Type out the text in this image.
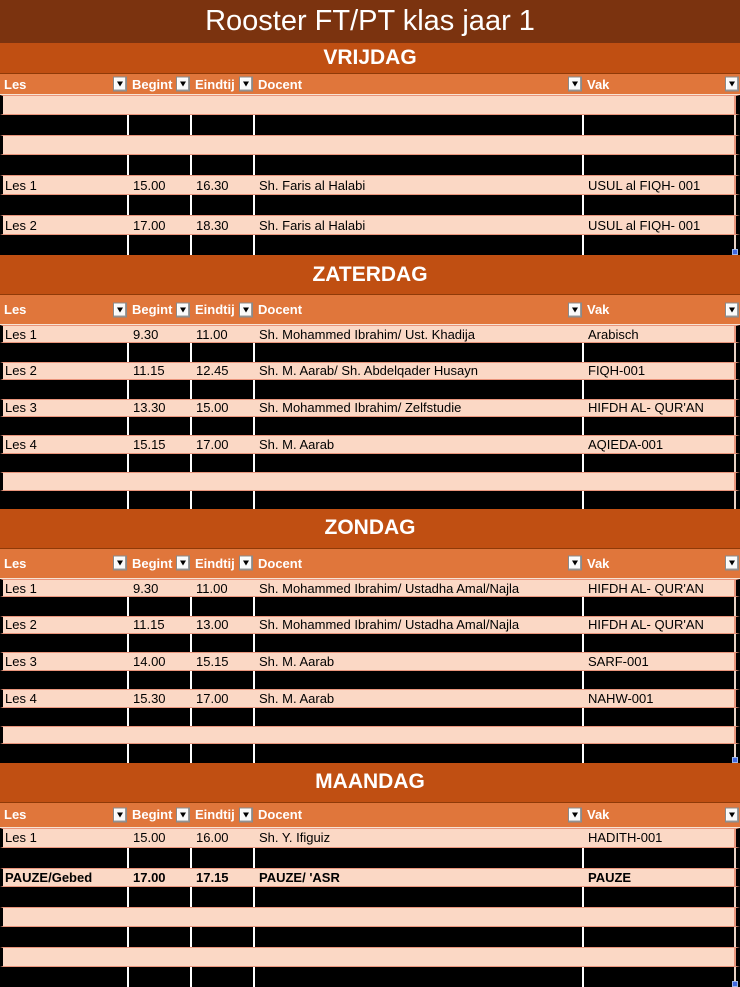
Rooster FT/PT klas jaar 1
VRIJDAG
Les	Begint Eindtij Docent	Vak
Les 1	15.00	16.30	Sh. Faris al Halabi	USUL al FIQH- 001
Les 2	17.00	18.30	Sh. Faris al Halabi	USUL al FIQH- 001
ZATERDAG
Les	Begint Eindtij Docent	Vak
Les 1	9.30	11.00	Sh. Mohammed Ibrahim/ Ust. Khadija	Arabisch
Les 2	11.15	12.45	Sh. M. Aarab/ Sh. Abdelqader Husayn	FIQH-001
Les 3	13.30	15.00	Sh. Mohammed Ibrahim/ Zelfstudie	HIFDH AL- QUR'AN
Les 4	15.15	17.00	Sh. M. Aarab	AQIEDA-001
ZONDAG
Les	Begint Eindtij Docent	Vak
Les 1	9.30	11.00	Sh. Mohammed Ibrahim/ Ustadha Amal/Najla	HIFDH AL- QUR'AN
Les 2	11.15	13.00	Sh. Mohammed Ibrahim/ Ustadha Amal/Najla	HIFDH AL- QUR'AN
Les 3	14.00	15.15	Sh. M. Aarab	SARF-001
Les 4	15.30	17.00	Sh. M. Aarab	NAHW-001
MAANDAG
Les	Begint Eindtij Docent	Vak
Les 1	15.00	16.00	Sh. Y. Ifiguiz	HADITH-001
PAUZE/Gebed	17.00	17.15	PAUZE/ 'ASR	PAUZE
